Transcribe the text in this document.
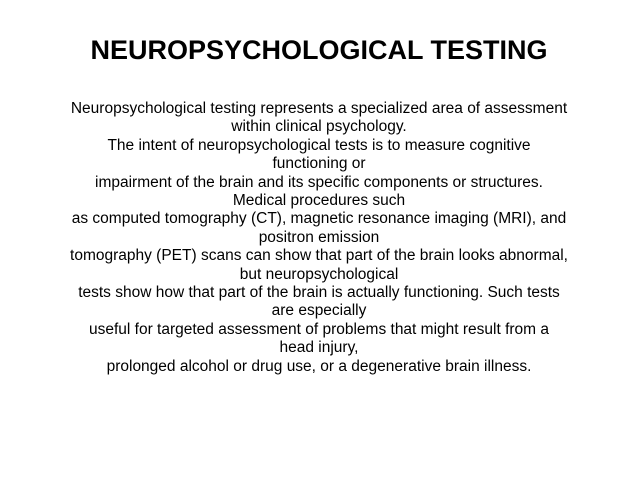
NEUROPSYCHOLOGICAL TESTING
Neuropsychological testing represents a specialized area of assessment
within clinical psychology.
The intent of neuropsychological tests is to measure cognitive
functioning or
impairment of the brain and its specific components or structures.
Medical procedures such
as computed tomography (CT), magnetic resonance imaging (MRI), and
positron emission
tomography (PET) scans can show that part of the brain looks abnormal,
but neuropsychological
tests show how that part of the brain is actually functioning. Such tests
are especially
useful for targeted assessment of problems that might result from a
head injury,
prolonged alcohol or drug use, or a degenerative brain illness.
